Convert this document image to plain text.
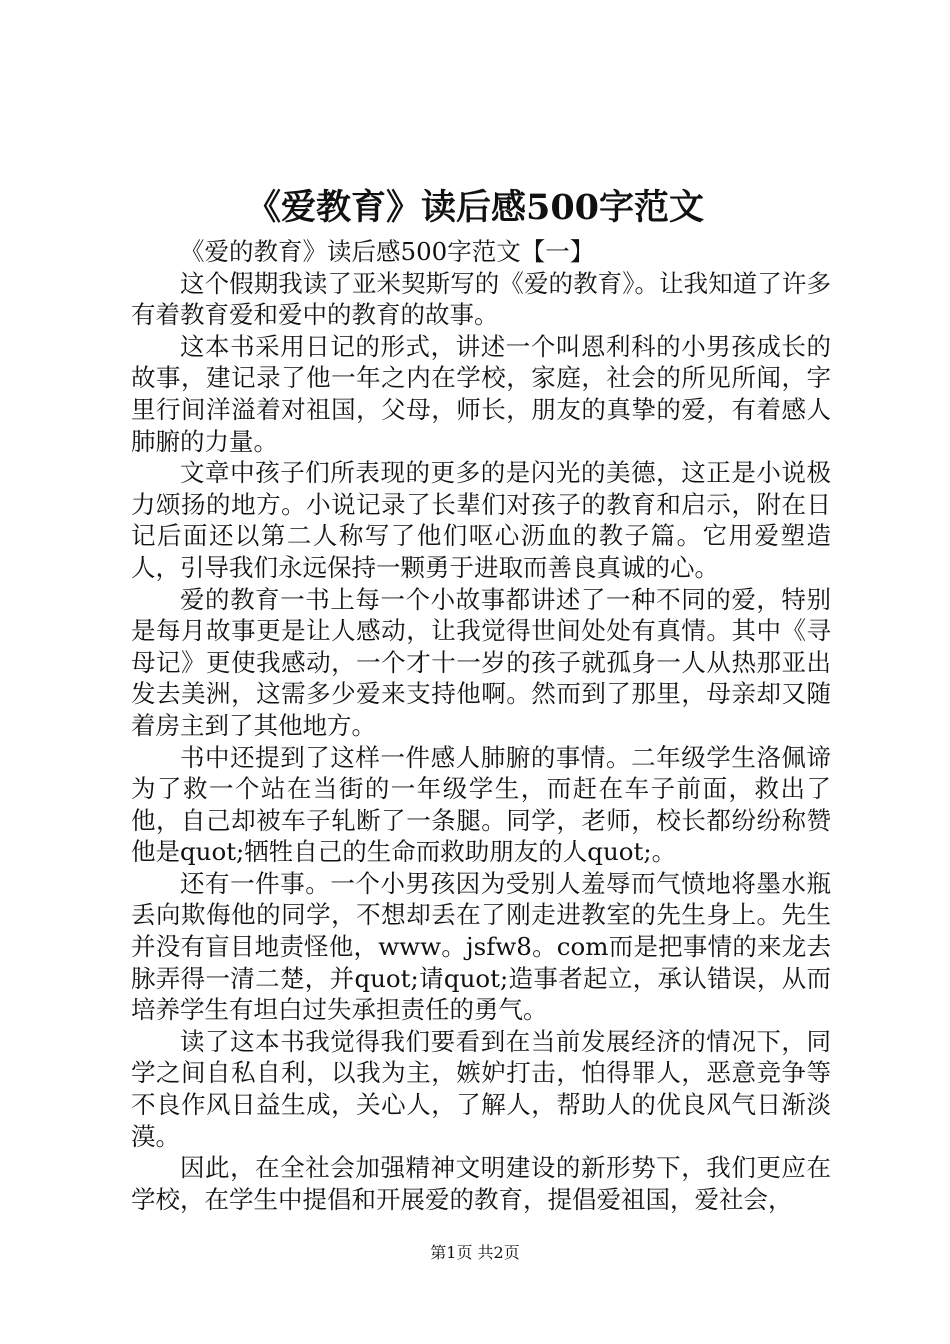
《爱教育》读后感500字范文

《爱的教育》读后感500字范文【一】

这个假期我读了亚米契斯写的《爱的教育》。让我知道了许多有着教育爱和爱中的教育的故事。

这本书采用日记的形式，讲述一个叫恩利科的小男孩成长的故事，建记录了他一年之内在学校，家庭，社会的所见所闻，字里行间洋溢着对祖国，父母，师长，朋友的真挚的爱，有着感人肺腑的力量。

文章中孩子们所表现的更多的是闪光的美德，这正是小说极力颂扬的地方。小说记录了长辈们对孩子的教育和启示，附在日记后面还以第二人称写了他们呕心沥血的教子篇。它用爱塑造人，引导我们永远保持一颗勇于进取而善良真诚的心。

爱的教育一书上每一个小故事都讲述了一种不同的爱，特别是每月故事更是让人感动，让我觉得世间处处有真情。其中《寻母记》更使我感动，一个才十一岁的孩子就孤身一人从热那亚出发去美洲，这需多少爱来支持他啊。然而到了那里，母亲却又随着房主到了其他地方。

书中还提到了这样一件感人肺腑的事情。二年级学生洛佩谛为了救一个站在当街的一年级学生，而赶在车子前面，救出了他，自己却被车子轧断了一条腿。同学，老师，校长都纷纷称赞他是quot;牺牲自己的生命而救助朋友的人quot;。

还有一件事。一个小男孩因为受别人羞辱而气愤地将墨水瓶丢向欺侮他的同学，不想却丢在了刚走进教室的先生身上。先生并没有盲目地责怪他，www。jsfw8。com而是把事情的来龙去脉弄得一清二楚，并quot;请quot;造事者起立，承认错误，从而培养学生有坦白过失承担责任的勇气。

读了这本书我觉得我们要看到在当前发展经济的情况下，同学之间自私自利，以我为主，嫉妒打击，怕得罪人，恶意竞争等不良作风日益生成，关心人，了解人，帮助人的优良风气日渐淡漠。

因此，在全社会加强精神文明建设的新形势下，我们更应在学校，在学生中提倡和开展爱的教育，提倡爱祖国，爱社会，

第1页 共2页
